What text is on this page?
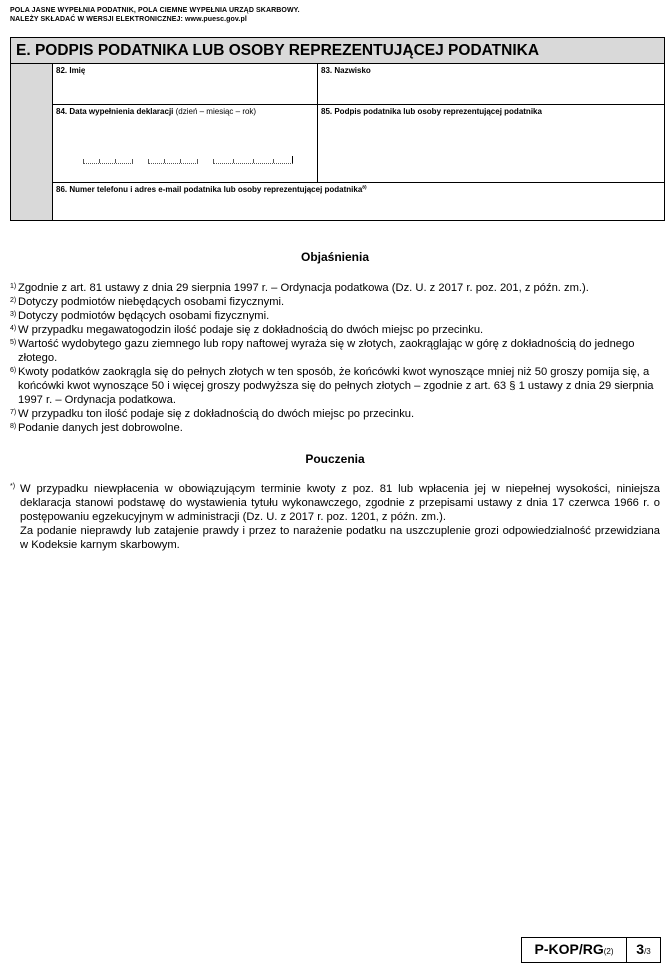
POLA JASNE WYPEŁNIA PODATNIK, POLA CIEMNE WYPEŁNIA URZĄD SKARBOWY.
NALEŻY SKŁADAĆ W WERSJI ELEKTRONICZNEJ: www.puesc.gov.pl
E. PODPIS PODATNIKA LUB OSOBY REPREZENTUJĄCEJ PODATNIKA
82. Imię	83. Nazwisko
84. Data wypełnienia deklaracji (dzień – miesiąc – rok)	85. Podpis podatnika lub osoby reprezentującej podatnika
86. Numer telefonu i adres e-mail podatnika lub osoby reprezentującej podatnika$^{8)}$
Objaśnienia
1) Zgodnie z art. 81 ustawy z dnia 29 sierpnia 1997 r. – Ordynacja podatkowa (Dz. U. z 2017 r. poz. 201, z późn. zm.).
2) Dotyczy podmiotów niebędących osobami fizycznymi.
3) Dotyczy podmiotów będących osobami fizycznymi.
4) W przypadku megawatogodzin ilość podaje się z dokładnością do dwóch miejsc po przecinku.
5) Wartość wydobytego gazu ziemnego lub ropy naftowej wyraża się w złotych, zaokrąglając w górę z dokładnością do jednego złotego.
6) Kwoty podatków zaokrągla się do pełnych złotych w ten sposób, że końcówki kwot wynoszące mniej niż 50 groszy pomija się, a końcówki kwot wynoszące 50 i więcej groszy podwyższa się do pełnych złotych – zgodnie z art. 63 § 1 ustawy z dnia 29 sierpnia 1997 r. – Ordynacja podatkowa.
7) W przypadku ton ilość podaje się z dokładnością do dwóch miejsc po przecinku.
8) Podanie danych jest dobrowolne.
Pouczenia

*) W przypadku niewpłacenia w obowiązującym terminie kwoty z poz. 81 lub wpłacenia jej w niepełnej wysokości, niniejsza deklaracja stanowi podstawę do wystawienia tytułu wykonawczego, zgodnie z przepisami ustawy z dnia 17 czerwca 1966 r. o postępowaniu egzekucyjnym w administracji (Dz. U. z 2017 r. poz. 1201, z późn. zm.).

Za podanie nieprawdy lub zatajenie prawdy i przez to narażenie podatku na uszczuplenie grozi odpowiedzialność przewidziana w Kodeksie karnym skarbowym.

P-KOP/RG(2)	3/3
